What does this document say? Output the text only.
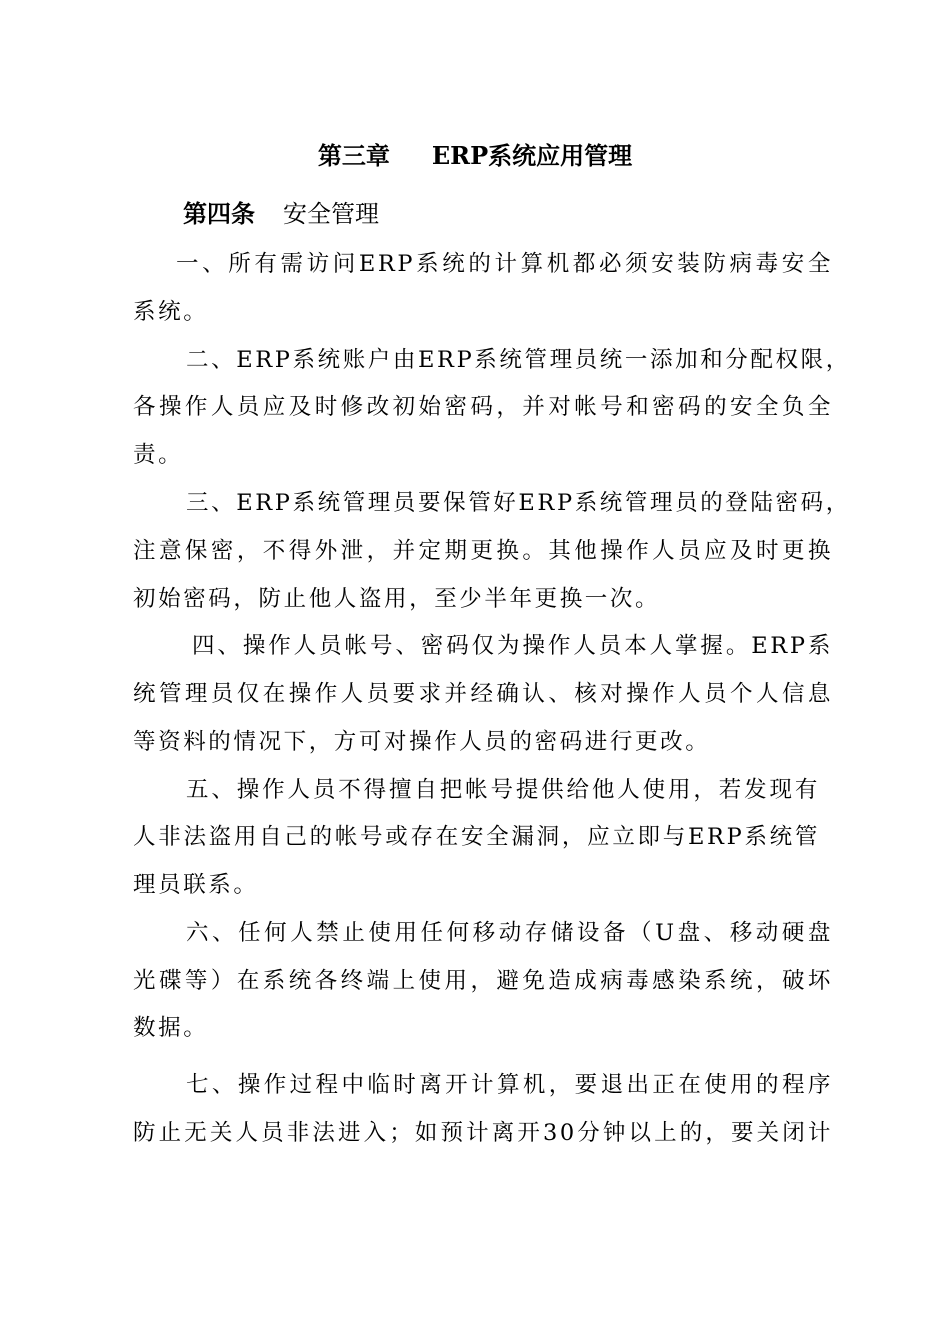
第三章 ERP系统应用管理
第四条 安全管理
一、所有需访问ERP系统的计算机都必须安装防病毒安全
系统。
二、ERP系统账户由ERP系统管理员统一添加和分配权限，
各操作人员应及时修改初始密码，并对帐号和密码的安全负全
责。
三、ERP系统管理员要保管好ERP系统管理员的登陆密码，
注意保密，不得外泄，并定期更换。其他操作人员应及时更换
初始密码，防止他人盗用，至少半年更换一次。
四、操作人员帐号、密码仅为操作人员本人掌握。ERP系
统管理员仅在操作人员要求并经确认、核对操作人员个人信息
等资料的情况下，方可对操作人员的密码进行更改。
五、操作人员不得擅自把帐号提供给他人使用，若发现有
人非法盗用自己的帐号或存在安全漏洞，应立即与ERP系统管
理员联系。
六、任何人禁止使用任何移动存储设备（U盘、移动硬盘
光碟等）在系统各终端上使用，避免造成病毒感染系统，破坏
数据。
七、操作过程中临时离开计算机，要退出正在使用的程序
防止无关人员非法进入；如预计离开30分钟以上的，要关闭计
